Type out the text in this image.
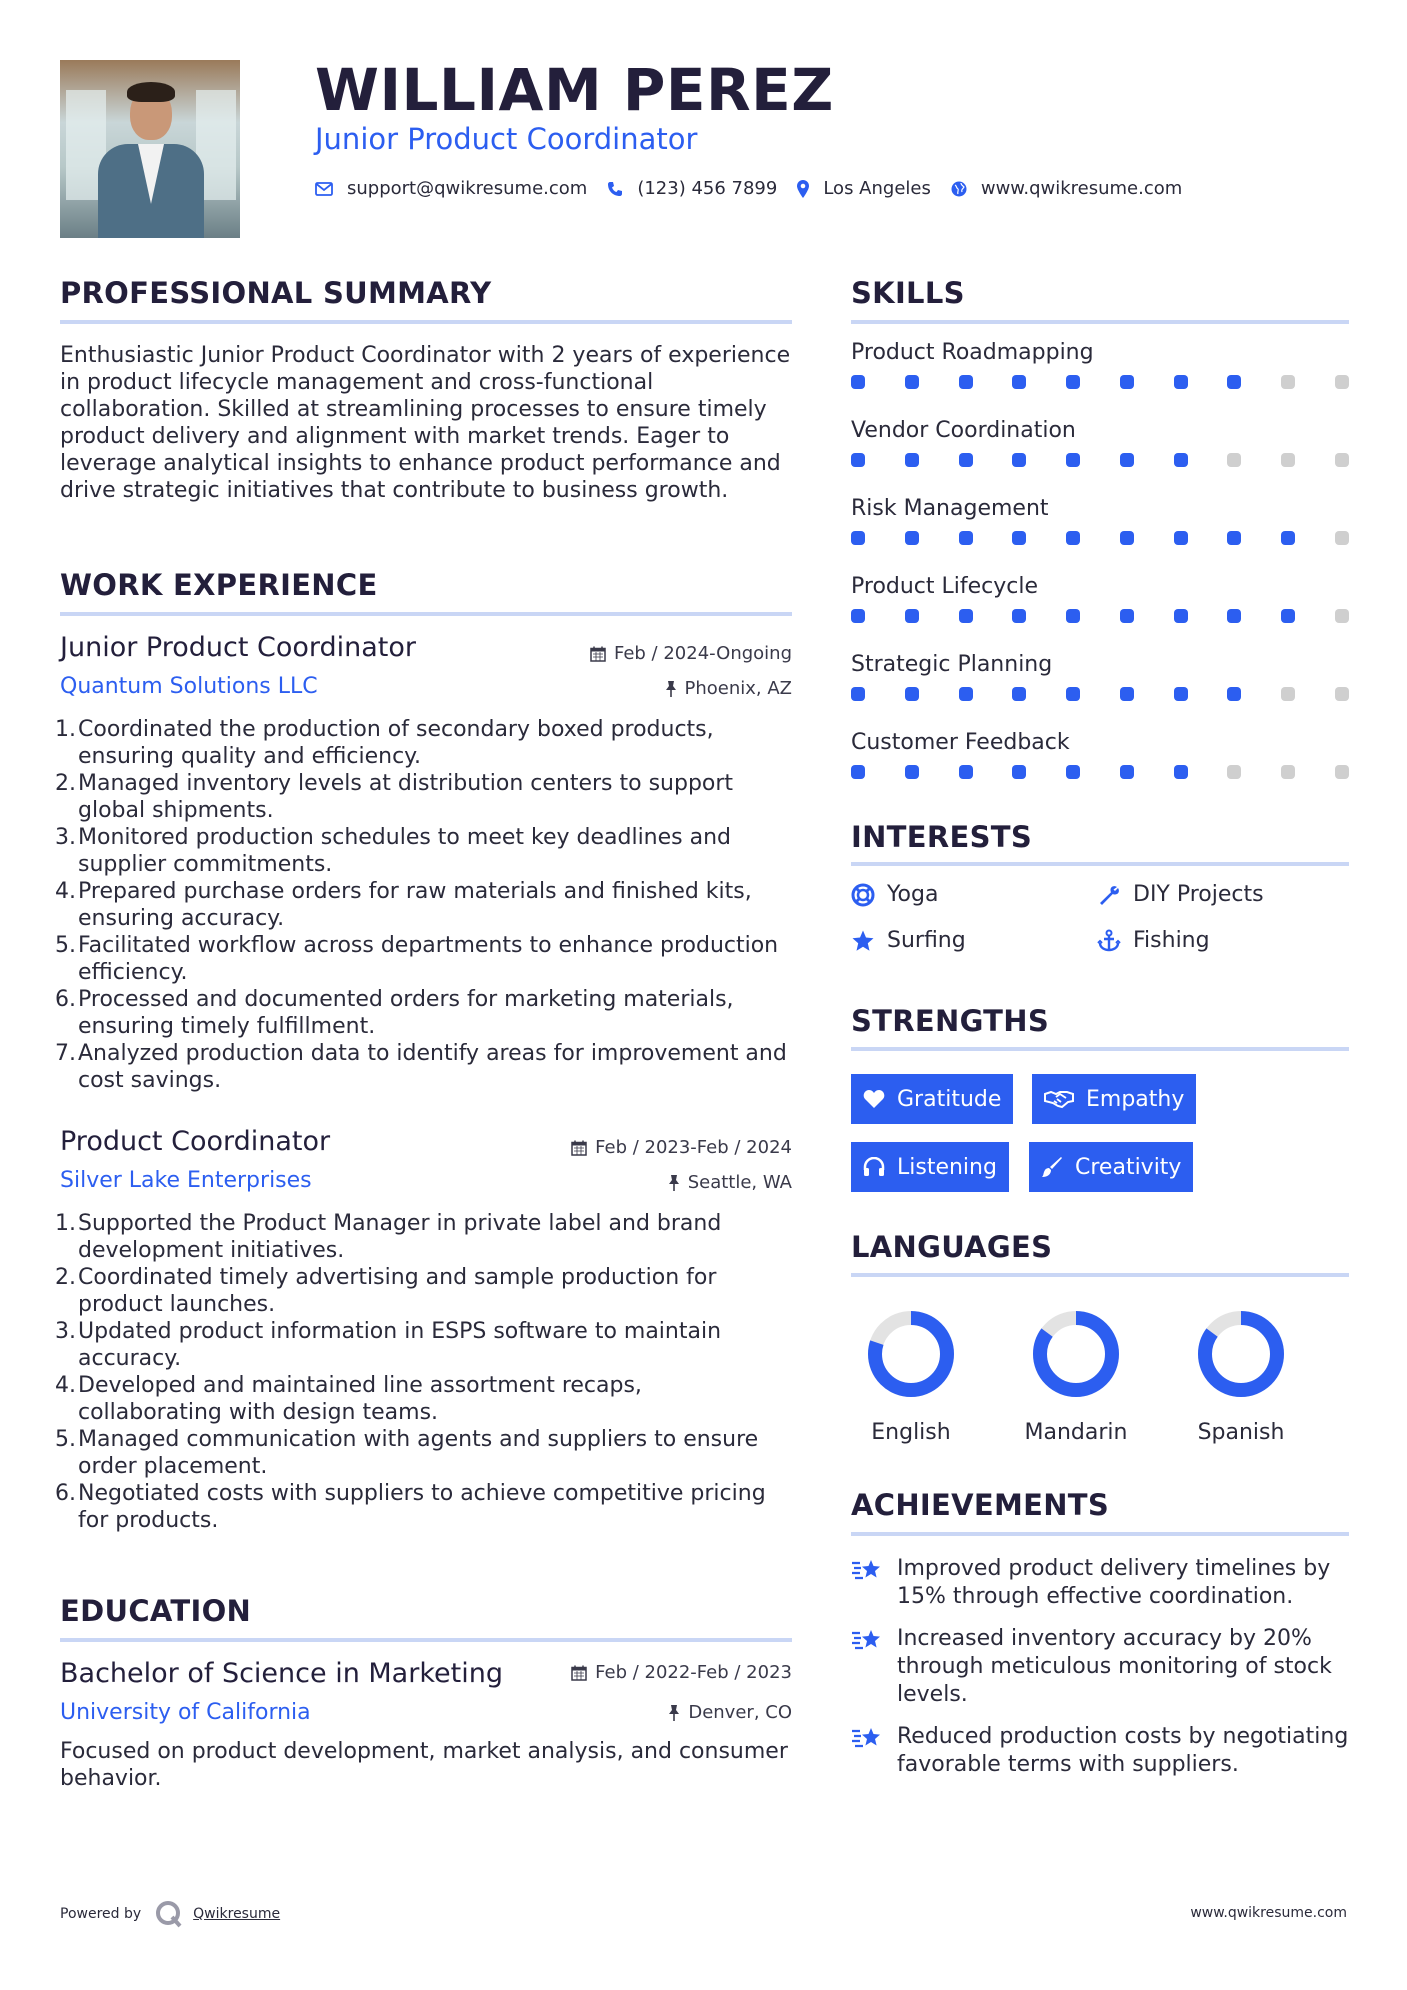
WILLIAM PEREZ
Junior Product Coordinator
support@qwikresume.com	(123) 456 7899	Los Angeles	www.qwikresume.com
PROFESSIONAL SUMMARY
Enthusiastic Junior Product Coordinator with 2 years of experience in product lifecycle management and cross-functional collaboration. Skilled at streamlining processes to ensure timely product delivery and alignment with market trends. Eager to leverage analytical insights to enhance product performance and drive strategic initiatives that contribute to business growth.
WORK EXPERIENCE
Junior Product Coordinator	Feb / 2024-Ongoing
Quantum Solutions LLC	Phoenix, AZ
1. Coordinated the production of secondary boxed products, ensuring quality and efficiency.
2. Managed inventory levels at distribution centers to support global shipments.
3. Monitored production schedules to meet key deadlines and supplier commitments.
4. Prepared purchase orders for raw materials and finished kits, ensuring accuracy.
5. Facilitated workflow across departments to enhance production efficiency.
6. Processed and documented orders for marketing materials, ensuring timely fulfillment.
7. Analyzed production data to identify areas for improvement and cost savings.
Product Coordinator	Feb / 2023-Feb / 2024
Silver Lake Enterprises	Seattle, WA
1. Supported the Product Manager in private label and brand development initiatives.
2. Coordinated timely advertising and sample production for product launches.
3. Updated product information in ESPS software to maintain accuracy.
4. Developed and maintained line assortment recaps, collaborating with design teams.
5. Managed communication with agents and suppliers to ensure order placement.
6. Negotiated costs with suppliers to achieve competitive pricing for products.
EDUCATION
Bachelor of Science in Marketing	Feb / 2022-Feb / 2023
University of California	Denver, CO
Focused on product development, market analysis, and consumer behavior.
SKILLS
Product Roadmapping
Vendor Coordination
Risk Management
Product Lifecycle
Strategic Planning
Customer Feedback
INTERESTS
Yoga	DIY Projects
Surfing	Fishing
STRENGTHS
Gratitude	Empathy
Listening	Creativity
LANGUAGES
English	Mandarin	Spanish
ACHIEVEMENTS
Improved product delivery timelines by 15% through effective coordination.
Increased inventory accuracy by 20% through meticulous monitoring of stock levels.
Reduced production costs by negotiating favorable terms with suppliers.
Powered by	Qwikresume	www.qwikresume.com
